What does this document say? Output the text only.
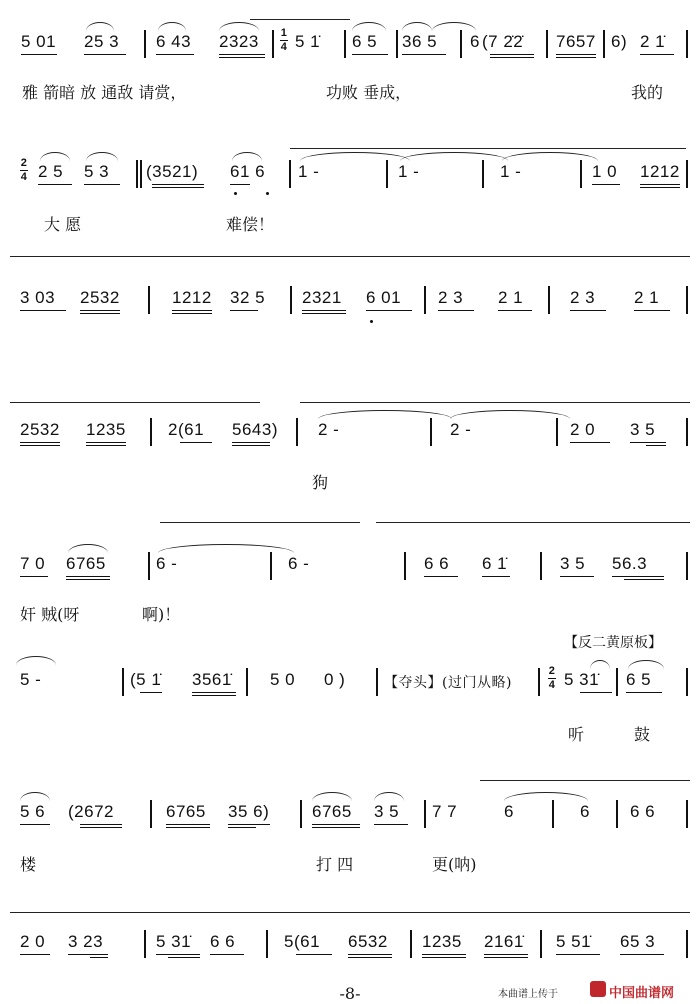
5 01 25 3 6 43 2323 1
4 5 1̇ 6 5 36 5 6 (7 2̇2̇ 7657 6) 2 1̇
雅 箭暗 放 通敌 请赏，	功败 垂成，	我的
2
4 2 5 5 3 (3521) 61 6 1 -	1 -	1 -	1 0 1212
大 愿	难偿！
3 03 2532	1212 32 5 2321 6 01 2 3 2 1	2 3 2 1
2532 1235 2(61 5643) 2 -	2 -	2 0 3 5
狗
7 0 6765	6 -	6 -	6 6 6 1̇	3 5 56.3
奸 贼(呀	啊)！
【反二黄原板】
5 -	(5 1̇ 3561̇ 5 0 0 )	【夺头】(过门从略)
2
4 5 31̇ 6 5
听	鼓
5 6 (2672	6765 35 6)	6765 3 5 7 7	6	6 6 6
楼	打 四	更(呐)
2 0 3 23	5 31̇ 6 6	5(61 6532 1235 2161̇ 5 51̇ 65 3
-8-	本曲谱上传于	中国曲谱网
